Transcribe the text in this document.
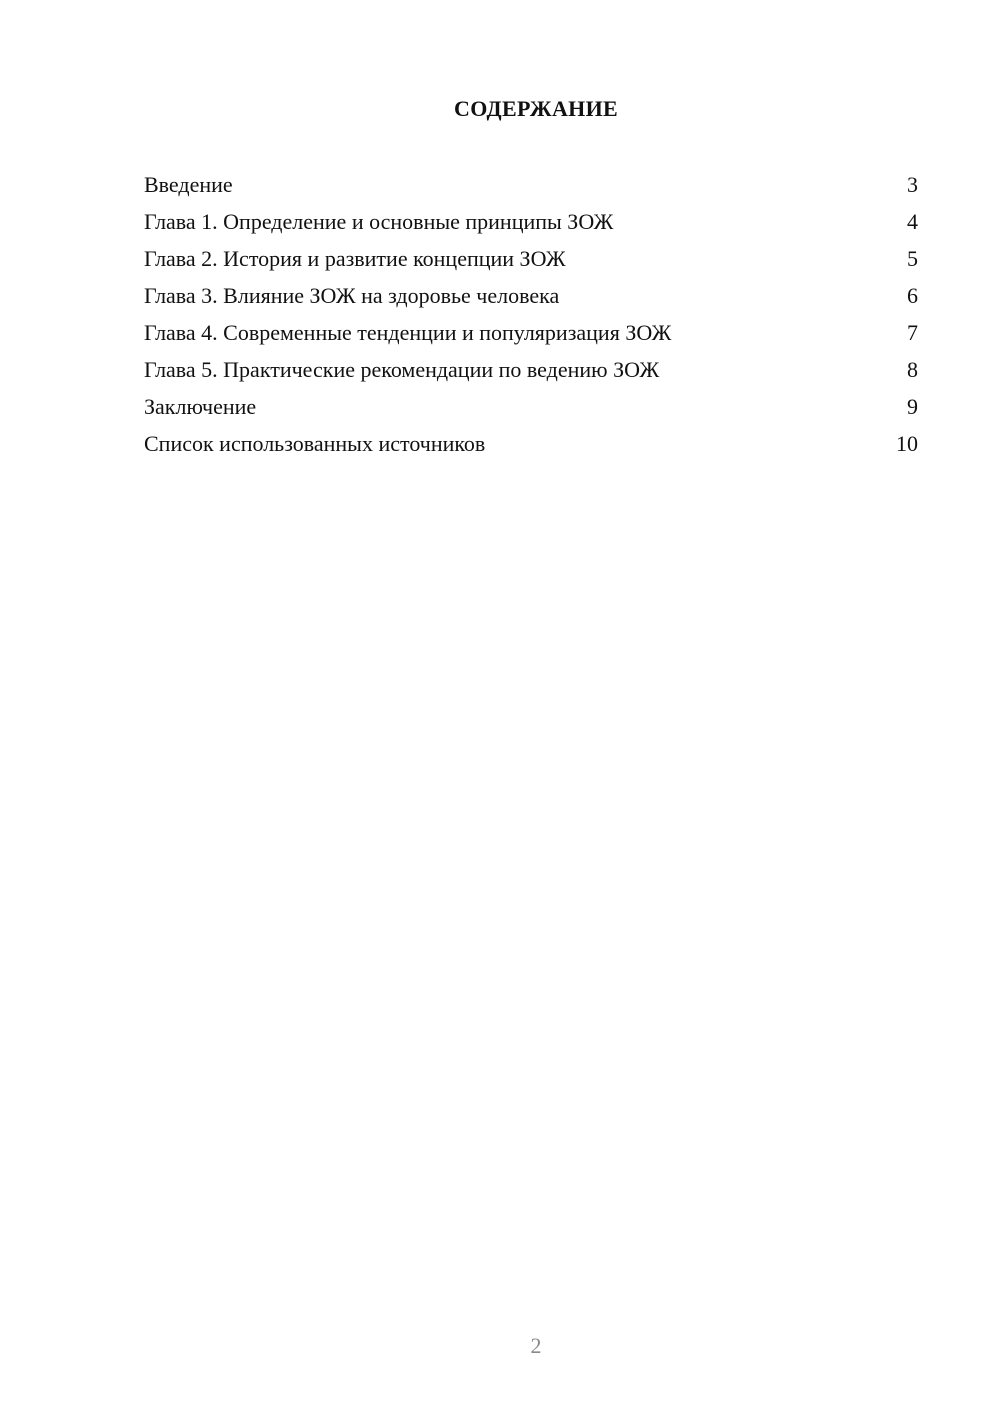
СОДЕРЖАНИЕ
Введение	3
Глава 1. Определение и основные принципы ЗОЖ	4
Глава 2. История и развитие концепции ЗОЖ	5
Глава 3. Влияние ЗОЖ на здоровье человека	6
Глава 4. Современные тенденции и популяризация ЗОЖ	7
Глава 5. Практические рекомендации по ведению ЗОЖ	8
Заключение	9
Список использованных источников	10
2
